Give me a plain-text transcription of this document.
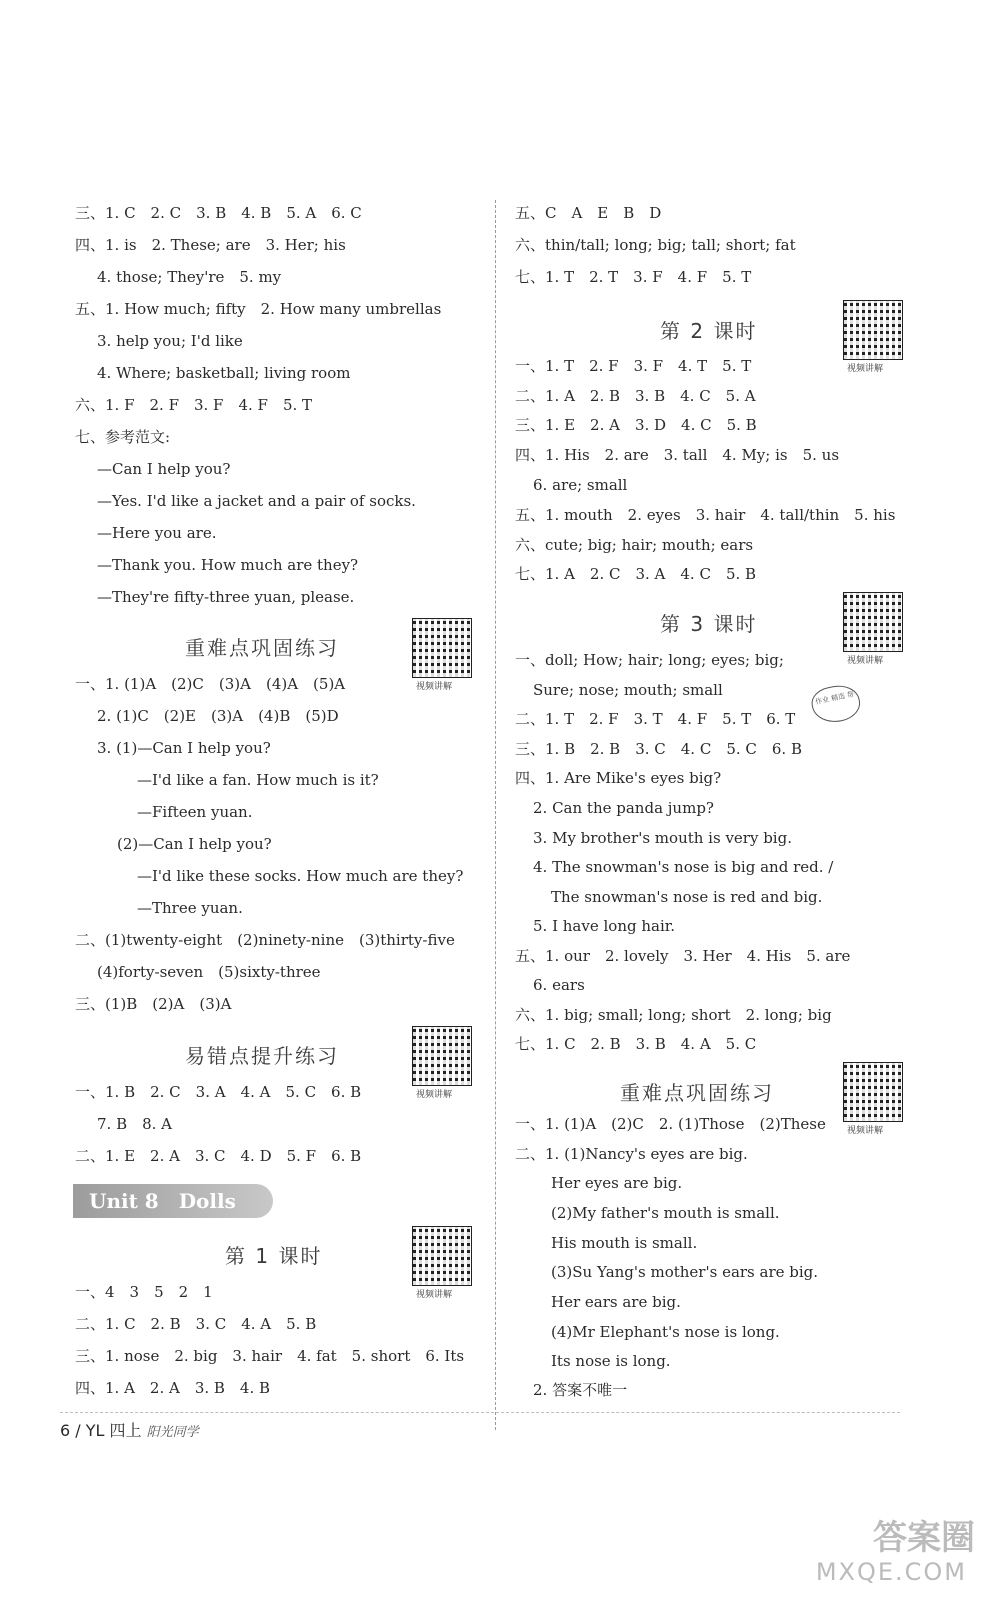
三、1. C　2. C　3. B　4. B　5. A　6. C
四、1. is　2. These; are　3. Her; his
4. those; They're　5. my
五、1. How much; fifty　2. How many umbrellas
3. help you; I'd like
4. Where; basketball; living room
六、1. F　2. F　3. F　4. F　5. T
七、参考范文:
—Can I help you?
—Yes. I'd like a jacket and a pair of socks.
—Here you are.
—Thank you. How much are they?
—They're fifty-three yuan, please.
一、1. (1)A　(2)C　(3)A　(4)A　(5)A
2. (1)C　(2)E　(3)A　(4)B　(5)D
3. (1)—Can I help you?
—I'd like a fan. How much is it?
—Fifteen yuan.
(2)—Can I help you?
—I'd like these socks. How much are they?
—Three yuan.
二、(1)twenty-eight　(2)ninety-nine　(3)thirty-five
(4)forty-seven　(5)sixty-three
三、(1)B　(2)A　(3)A
一、1. B　2. C　3. A　4. A　5. C　6. B
7. B　8. A
二、1. E　2. A　3. C　4. D　5. F　6. B
一、4　3　5　2　1
二、1. C　2. B　3. C　4. A　5. B
三、1. nose　2. big　3. hair　4. fat　5. short　6. Its
四、1. A　2. A　3. B　4. B
五、C　A　E　B　D
六、thin/tall; long; big; tall; short; fat
七、1. T　2. T　3. F　4. F　5. T
一、1. T　2. F　3. F　4. T　5. T
二、1. A　2. B　3. B　4. C　5. A
三、1. E　2. A　3. D　4. C　5. B
四、1. His　2. are　3. tall　4. My; is　5. us
6. are; small
五、1. mouth　2. eyes　3. hair　4. tall/thin　5. his
六、cute; big; hair; mouth; ears
七、1. A　2. C　3. A　4. C　5. B
一、doll; How; hair; long; eyes; big;
Sure; nose; mouth; small
二、1. T　2. F　3. T　4. F　5. T　6. T
三、1. B　2. B　3. C　4. C　5. C　6. B
四、1. Are Mike's eyes big?
2. Can the panda jump?
3. My brother's mouth is very big.
4. The snowman's nose is big and red. /
The snowman's nose is red and big.
5. I have long hair.
五、1. our　2. lovely　3. Her　4. His　5. are
6. ears
六、1. big; small; long; short　2. long; big
七、1. C　2. B　3. B　4. A　5. C
一、1. (1)A　(2)C　2. (1)Those　(2)These
二、1. (1)Nancy's eyes are big.
Her eyes are big.
(2)My father's mouth is small.
His mouth is small.
(3)Su Yang's mother's ears are big.
Her ears are big.
(4)Mr Elephant's nose is long.
Its nose is long.
2. 答案不唯一
重难点巩固练习
易错点提升练习
第 1 课时
第 2 课时
第 3 课时
重难点巩固练习
视频讲解
视频讲解
视频讲解
视频讲解
视频讲解
视频讲解
作业 精选 帮
Unit 8　Dolls
6 / YL 四上 阳光同学
答案圈
MXQE.COM
